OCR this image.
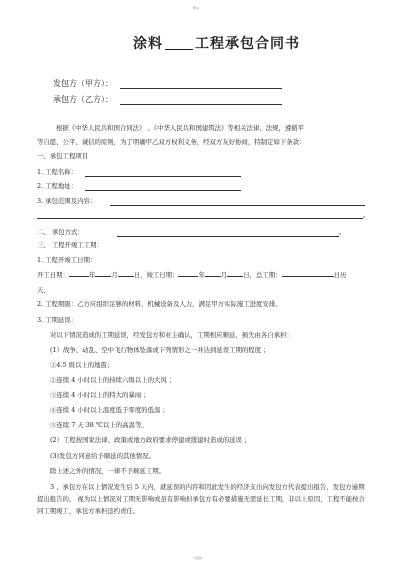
精品
涂料 工程承包合同书
发包方（甲方）：
承包方（乙方）：
根据《中华人民共和国合同法》 、《中华人民共和国建筑法》等相关法律、法规，遵循平
等自愿、公平、诚信的原则，为了明确甲乙双方权利义务，经双方友好协商，特制定如下条款：
一、承包工程项目
1. 工程名称：
2. 工程地址：
3. 承包范围及内容：
。
二、 承包方式：	。
三、 工程开竣工工期：
1. 工程开竣工日期：
开工日期：	年	月	日，竣工日期：	年	月	日，总工期：	日历
天，
2. 工程期限：乙方应组织足够的材料、机械设备及人力，满足甲方实际施工进度安排。
3. 工期延误：
对以下情况造成的工期延误，经发包方和业主确认，工期相应顺延，损失由各自承担：
(1）战争、动乱、空中飞行物体坠落或下列情形之一并达到延误工期的程度 ；
①4.5 级以上的地震；
②连续 4 小时以上的持续六级以上的大风 ；
③连续 4 小时以上的特大的暴雨 ；
④连续 4 小时以上温度低于零度的低温 ；
⑤连续 7 天 38 ℃以上的高温等。
(2）工程按国家法律、政策或地方政府要求停建或缓建时造成的延误 ；
(3)发包方同意给予顺延的其他情况。
除上述之外的情况，一律不予顺延工期。
3 、承包方在以上情况发生后 5 天内，就延误的内容和因此发生的经济支出向发包方代表提出报告，发包方逾期提出报告的， 视为以上情况对工期无影响或虽有影响但承包方有必要措施无需延长工期，非以上原因，工程不能按合同工期竣工，承包方承担违约责任。
可编辑
